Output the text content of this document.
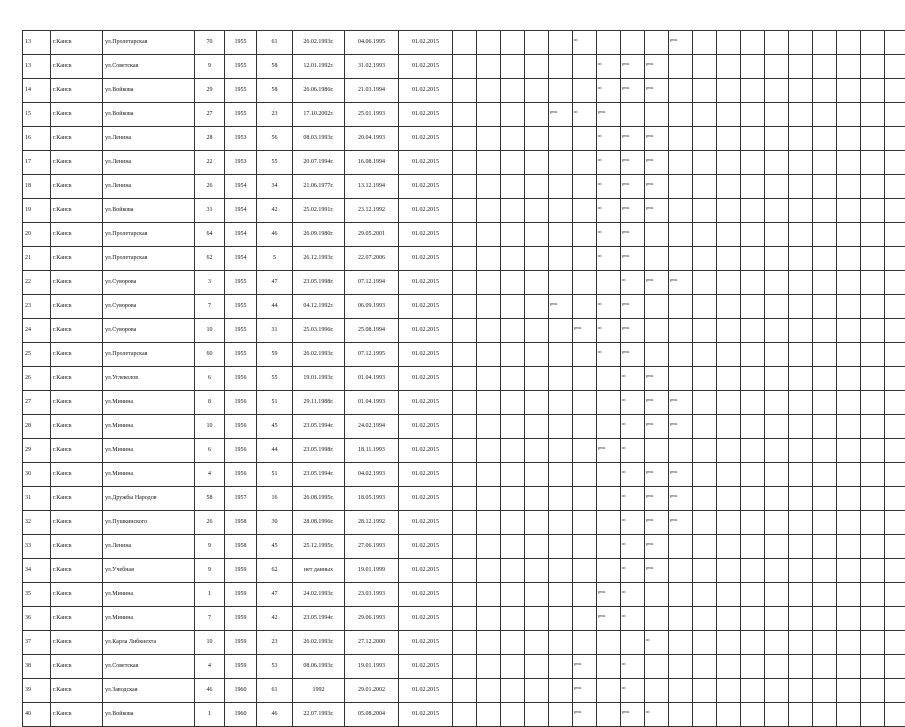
13	г.Канск	ул.Пролетарская	70	1955	61	26.02.1993г.	04.06.1995	01.02.2015						пс				реш.										

13	г.Канск	ул.Советская	9	1955	58	12.01.1992г.	31.02.1993	01.02.2015							пс	реш.	реш.											

14	г.Канск	ул.Войкова	29	1955	58	26.06.1986г.	21.03.1994	01.02.2015							пс	реш.	реш.											

15	г.Канск	ул.Войкова	27	1955	23	17.10.2002г.	25.01.1993	01.02.2015					реш.	пс	реш.													

16	г.Канск	ул.Ленина	28	1953	56	08.03.1993г.	20.04.1993	01.02.2015							пс	реш.	реш.											

17	г.Канск	ул.Ленина	22	1953	55	20.07.1994г.	16.08.1994	01.02.2015							пс	реш.	реш.											

18	г.Канск	ул.Ленина	26	1954	34	21.06.1977г.	13.12.1994	01.02.2015							пс	реш.	реш.											

19	г.Канск	ул.Войкова	31	1954	42	25.02.1991г.	23.12.1992	01.02.2015							пс	реш.	реш.											

20	г.Канск	ул.Пролетарская	64	1954	46	26.09.1980г.	29.05.2001	01.02.2015							пс	реш.												

21	г.Канск	ул.Пролетарская	62	1954	5	26.12.1993г.	22.07.2006	01.02.2015							пс	реш.												

22	г.Канск	ул.Суворова	3	1955	47	23.05.1998г.	07.12.1994	01.02.2015								пс	реш.	реш.										

23	г.Канск	ул.Суворова	7	1955	44	04.12.1992г.	06.09.1993	01.02.2015					реш.		пс	реш.												

24	г.Канск	ул.Суворова	10	1955	31	25.03.1996г.	25.08.1994	01.02.2015						реш.	пс	реш.												

25	г.Канск	ул.Пролетарская	60	1955	59	26.02.1993г.	07.12.1995	01.02.2015							пс	реш.												

26	г.Канск	ул.Углеколов	6	1956	55	19.01.1993г.	01.04.1993	01.02.2015								пс	реш.											

27	г.Канск	ул.Минина	8	1956	51	29.11.1988г.	01.04.1993	01.02.2015								пс	реш.	реш.										

28	г.Канск	ул.Минина	10	1956	45	23.05.1994г.	24.02.1994	01.02.2015								пс	реш.	реш.										

29	г.Канск	ул.Минина	6	1956	44	23.05.1998г.	18.11.1993	01.02.2015							реш.	пс												

30	г.Канск	ул.Минина	4	1956	51	23.05.1994г.	04.02.1993	01.02.2015								пс	реш.	реш.										

31	г.Канск	ул.Дружбы Народов	58	1957	16	26.08.1995г.	18.05.1993	01.02.2015								пс	реш.	реш.										

32	г.Канск	ул.Пушкинского	26	1958	30	28.08.1996г.	28.12.1992	01.02.2015								пс	реш.	реш.										

33	г.Канск	ул.Ленина	9	1958	45	25.12.1995г.	27.06.1993	01.02.2015								пс	реш.											

34	г.Канск	ул.Учебная	9	1959	62	нет данных	19.01.1999	01.02.2015								пс	реш.											

35	г.Канск	ул.Минина	1	1959	47	24.02.1993г.	23.03.1993	01.02.2015							реш.	пс												

36	г.Канск	ул.Минина	7	1959	42	23.05.1994г.	29.06.1993	01.02.2015							реш.	пс												

37	г.Канск	ул.Карла Либкнехта	10	1959	23	26.02.1993г.	27.12.2000	01.02.2015									пс											

38	г.Канск	ул.Советская	4	1959	53	08.06.1993г.	19.01.1993	01.02.2015						реш.		пс												

39	г.Канск	ул.Заводская	46	1960	61	1992	29.01.2002	01.02.2015						реш.		пс												

40	г.Канск	ул.Войкова	1	1960	46	22.07.1993г.	05.08.2004	01.02.2015						реш.		реш.	пс											
